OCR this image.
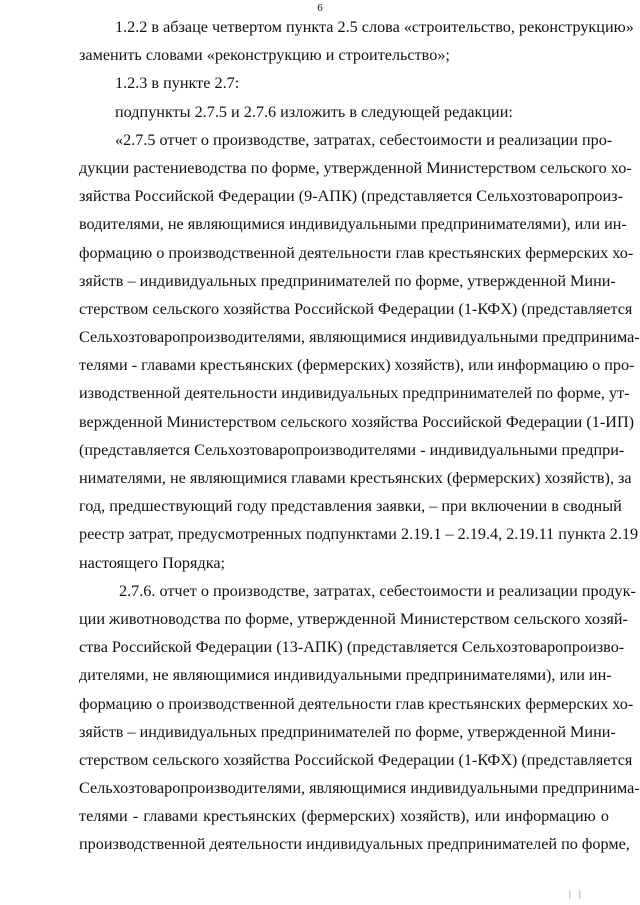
6
1.2.2 в абзаце четвертом пункта 2.5 слова «строительство, реконструкцию»
заменить словами «реконструкцию и строительство»;
1.2.3 в пункте 2.7:
подпункты 2.7.5 и 2.7.6 изложить в следующей редакции:
«2.7.5 отчет о производстве, затратах, себестоимости и реализации про-
дукции растениеводства по форме, утвержденной Министерством сельского хо-
зяйства Российской Федерации (9-АПК) (представляется Сельхозтоваропроиз-
водителями, не являющимися индивидуальными предпринимателями), или ин-
формацию о производственной деятельности глав крестьянских фермерских хо-
зяйств – индивидуальных предпринимателей по форме, утвержденной Мини-
стерством сельского хозяйства Российской Федерации (1-КФХ) (представляется
Сельхозтоваропроизводителями, являющимися индивидуальными предпринима-
телями - главами крестьянских (фермерских) хозяйств), или информацию о про-
изводственной деятельности индивидуальных предпринимателей по форме, ут-
вержденной Министерством сельского хозяйства Российской Федерации (1-ИП)
(представляется Сельхозтоваропроизводителями - индивидуальными предпри-
нимателями, не являющимися главами крестьянских (фермерских) хозяйств), за
год, предшествующий году представления заявки, – при включении в сводный
реестр затрат, предусмотренных подпунктами 2.19.1 – 2.19.4, 2.19.11 пункта 2.19
настоящего Порядка;
2.7.6. отчет о производстве, затратах, себестоимости и реализации продук-
ции животноводства по форме, утвержденной Министерством сельского хозяй-
ства Российской Федерации (13-АПК) (представляется Сельхозтоваропроизво-
дителями, не являющимися индивидуальными предпринимателями), или ин-
формацию о производственной деятельности глав крестьянских фермерских хо-
зяйств – индивидуальных предпринимателей по форме, утвержденной Мини-
стерством сельского хозяйства Российской Федерации (1-КФХ) (представляется
Сельхозтоваропроизводителями, являющимися индивидуальными предпринима-
телями - главами крестьянских (фермерских) хозяйств), или информацию о
производственной деятельности индивидуальных предпринимателей по форме,
| |
